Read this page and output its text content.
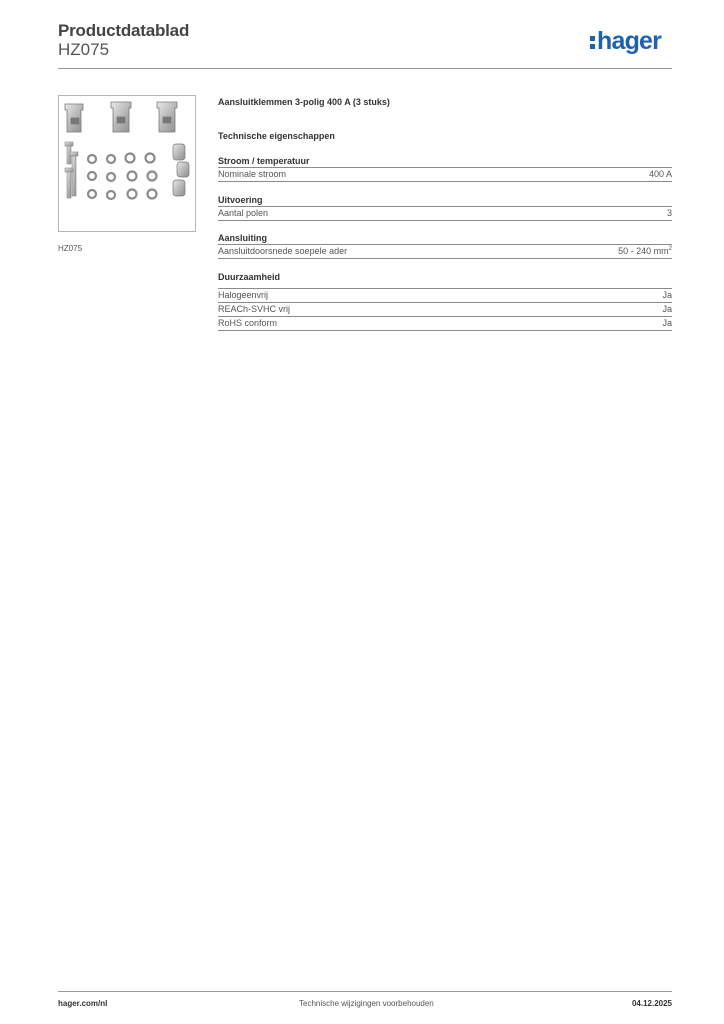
Productdatablad
HZ075	hager
HZ075
Aansluitklemmen 3-polig 400 A (3 stuks)
Technische eigenschappen
Stroom / temperatuur
Nominale stroom	400 A
Uitvoering
Aantal polen	3
Aansluiting
Aansluitdoorsnede soepele ader	50 - 240 $mm^2$
Duurzaamheid
Halogeenvrij	Ja
REACh-SVHC vrij	Ja
RoHS conform	Ja
hager.com/nl	Technische wijzigingen voorbehouden	04.12.2025
